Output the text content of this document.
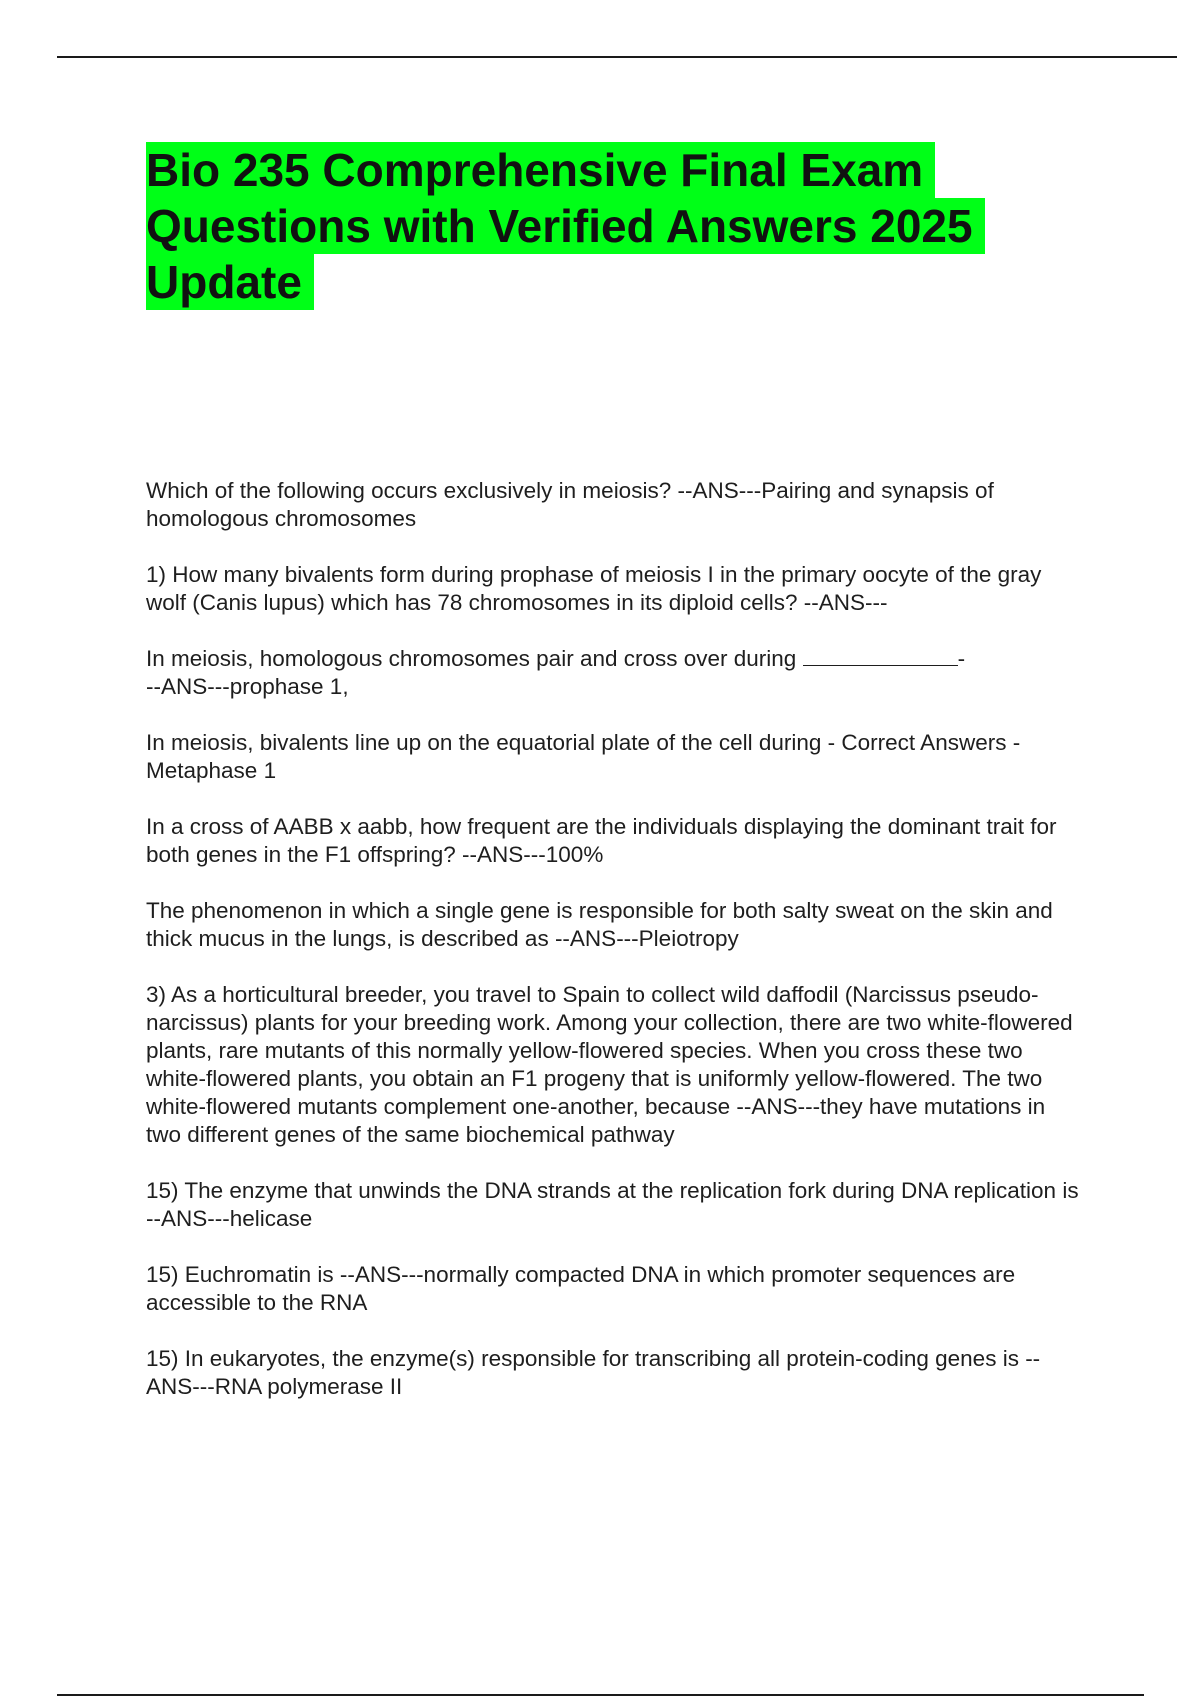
Bio 235 Comprehensive Final Exam Questions with Verified Answers 2025 Update
Which of the following occurs exclusively in meiosis? --ANS---Pairing and synapsis of homologous chromosomes
1) How many bivalents form during prophase of meiosis I in the primary oocyte of the gray wolf (Canis lupus) which has 78 chromosomes in its diploid cells? --ANS---
In meiosis, homologous chromosomes pair and cross over during	-
--ANS---prophase 1,
In meiosis, bivalents line up on the equatorial plate of the cell during - Correct Answers -Metaphase 1
In a cross of AABB x aabb, how frequent are the individuals displaying the dominant trait for both genes in the F1 offspring? --ANS---100%
The phenomenon in which a single gene is responsible for both salty sweat on the skin and thick mucus in the lungs, is described as --ANS---Pleiotropy
3) As a horticultural breeder, you travel to Spain to collect wild daffodil (Narcissus pseudo-narcissus) plants for your breeding work. Among your collection, there are two white-flowered plants, rare mutants of this normally yellow-flowered species. When you cross these two white-flowered plants, you obtain an F1 progeny that is uniformly yellow-flowered. The two white-flowered mutants complement one-another, because --ANS---they have mutations in two different genes of the same biochemical pathway
15) The enzyme that unwinds the DNA strands at the replication fork during DNA replication is --ANS---helicase
15) Euchromatin is --ANS---normally compacted DNA in which promoter sequences are accessible to the RNA
15) In eukaryotes, the enzyme(s) responsible for transcribing all protein-coding genes is --ANS---RNA polymerase II
